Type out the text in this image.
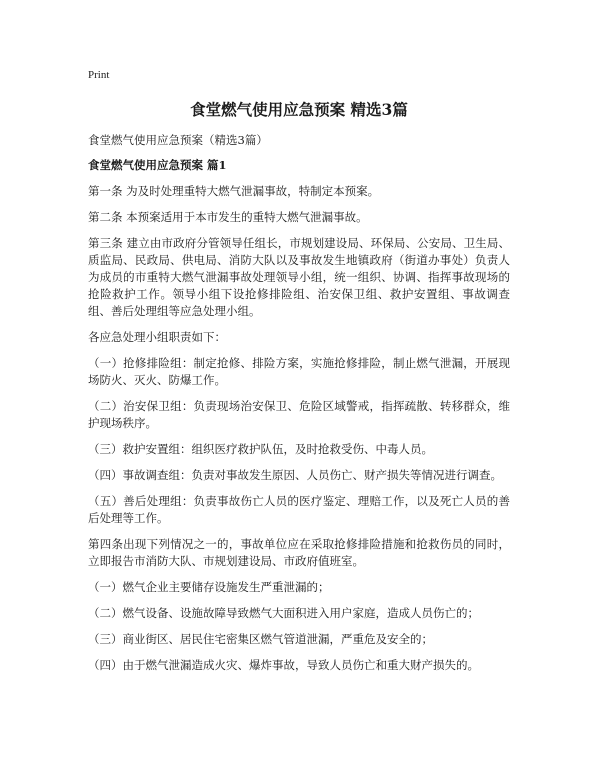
Print
食堂燃气使用应急预案 精选3篇
食堂燃气使用应急预案（精选3篇）
食堂燃气使用应急预案 篇1

第一条 为及时处理重特大燃气泄漏事故，特制定本预案。

第二条 本预案适用于本市发生的重特大燃气泄漏事故。

第三条 建立由市政府分管领导任组长，市规划建设局、环保局、公安局、卫生局、质监局、民政局、供电局、消防大队以及事故发生地镇政府（街道办事处）负责人为成员的市重特大燃气泄漏事故处理领导小组，统一组织、协调、指挥事故现场的抢险救护工作。领导小组下设抢修排险组、治安保卫组、救护安置组、事故调查组、善后处理组等应急处理小组。

各应急处理小组职责如下：

（一）抢修排险组：制定抢修、排险方案，实施抢修排险，制止燃气泄漏，开展现场防火、灭火、防爆工作。

（二）治安保卫组：负责现场治安保卫、危险区域警戒，指挥疏散、转移群众，维护现场秩序。

（三）救护安置组：组织医疗救护队伍，及时抢救受伤、中毒人员。

（四）事故调查组：负责对事故发生原因、人员伤亡、财产损失等情况进行调查。

（五）善后处理组：负责事故伤亡人员的医疗鉴定、理赔工作，以及死亡人员的善后处理等工作。

第四条出现下列情况之一的，事故单位应在采取抢修排险措施和抢救伤员的同时，立即报告市消防大队、市规划建设局、市政府值班室。

（一）燃气企业主要储存设施发生严重泄漏的；

（二）燃气设备、设施故障导致燃气大面积进入用户家庭，造成人员伤亡的；

（三）商业街区、居民住宅密集区燃气管道泄漏，严重危及安全的；

（四）由于燃气泄漏造成火灾、爆炸事故，导致人员伤亡和重大财产损失的。
